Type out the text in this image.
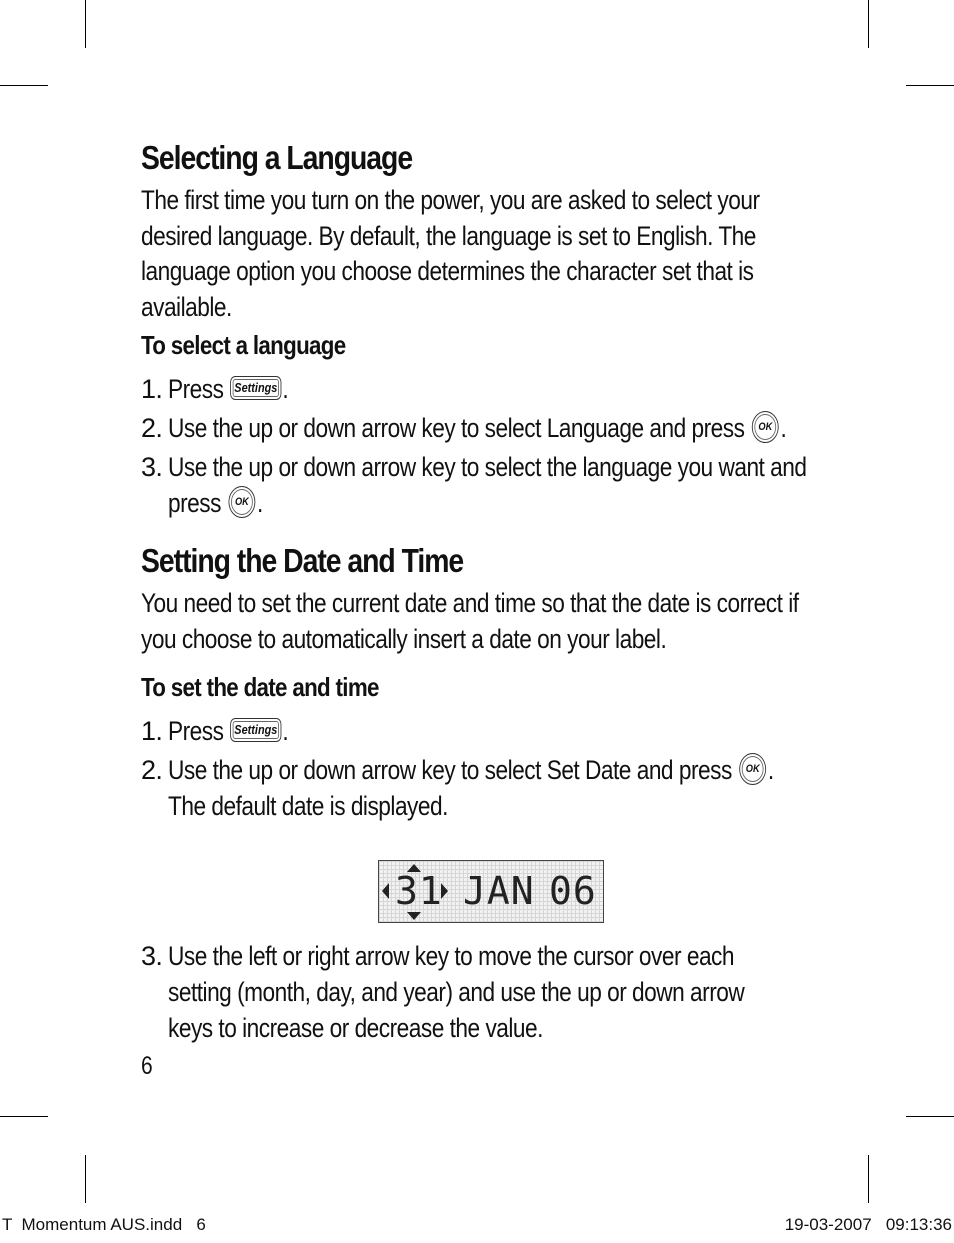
Selecting a Language

The first time you turn on the power, you are asked to select your desired language. By default, the language is set to English. The language option you choose determines the character set that is available.

To select a language
1. Press Settings .
2. Use the up or down arrow key to select Language and press OK .
3. Use the up or down arrow key to select the language you want and press OK .
Setting the Date and Time

You need to set the current date and time so that the date is correct if you choose to automatically insert a date on your label.

To set the date and time
1. Press Settings .
2. Use the up or down arrow key to select Set Date and press OK . The default date is displayed.
31 JAN 06
3. Use the left or right arrow key to move the cursor over each setting (month, day, and year) and use the up or down arrow keys to increase or decrease the value.
6
T  Momentum AUS.indd   6	19-03-2007   09:13:36
